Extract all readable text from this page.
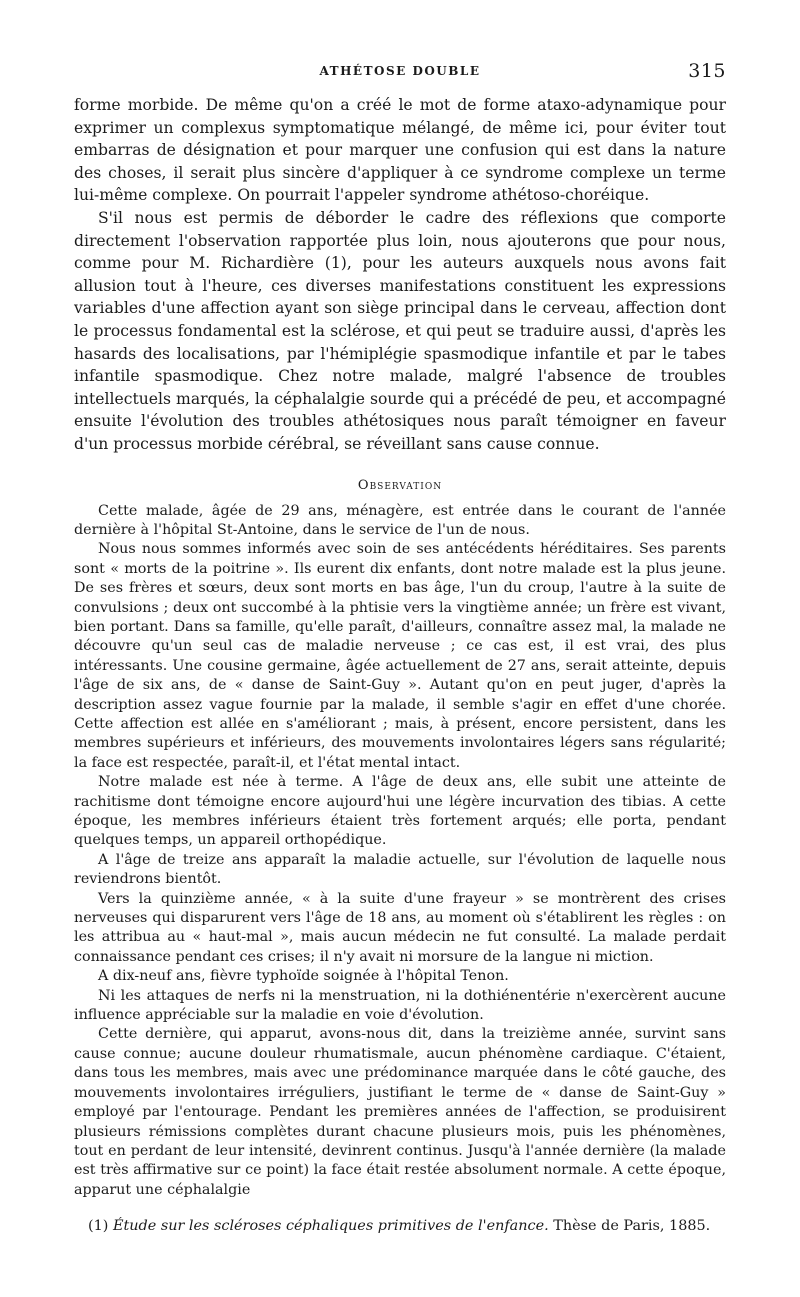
ATHÉTOSE DOUBLE	315

forme morbide. De même qu'on a créé le mot de forme ataxo-adynamique pour exprimer un complexus symptomatique mélangé, de même ici, pour éviter tout embarras de désignation et pour marquer une confusion qui est dans la nature des choses, il serait plus sincère d'appliquer à ce syndrome complexe un terme lui-même complexe. On pourrait l'appeler syndrome athétoso-choréique.

S'il nous est permis de déborder le cadre des réflexions que comporte directement l'observation rapportée plus loin, nous ajouterons que pour nous, comme pour M. Richardière (1), pour les auteurs auxquels nous avons fait allusion tout à l'heure, ces diverses manifestations constituent les expressions variables d'une affection ayant son siège principal dans le cerveau, affection dont le processus fondamental est la sclérose, et qui peut se traduire aussi, d'après les hasards des localisations, par l'hémiplégie spasmodique infantile et par le tabes infantile spasmodique. Chez notre malade, malgré l'absence de troubles intellectuels marqués, la céphalalgie sourde qui a précédé de peu, et accompagné ensuite l'évolution des troubles athétosiques nous paraît témoigner en faveur d'un processus morbide cérébral, se réveillant sans cause connue.

Observation

Cette malade, âgée de 29 ans, ménagère, est entrée dans le courant de l'année dernière à l'hôpital St-Antoine, dans le service de l'un de nous.

Nous nous sommes informés avec soin de ses antécédents héréditaires. Ses parents sont « morts de la poitrine ». Ils eurent dix enfants, dont notre malade est la plus jeune. De ses frères et sœurs, deux sont morts en bas âge, l'un du croup, l'autre à la suite de convulsions ; deux ont succombé à la phtisie vers la vingtième année; un frère est vivant, bien portant. Dans sa famille, qu'elle paraît, d'ailleurs, connaître assez mal, la malade ne découvre qu'un seul cas de maladie nerveuse ; ce cas est, il est vrai, des plus intéressants. Une cousine germaine, âgée actuellement de 27 ans, serait atteinte, depuis l'âge de six ans, de « danse de Saint-Guy ». Autant qu'on en peut juger, d'après la description assez vague fournie par la malade, il semble s'agir en effet d'une chorée. Cette affection est allée en s'améliorant ; mais, à présent, encore persistent, dans les membres supérieurs et inférieurs, des mouvements involontaires légers sans régularité; la face est respectée, paraît-il, et l'état mental intact.

Notre malade est née à terme. A l'âge de deux ans, elle subit une atteinte de rachitisme dont témoigne encore aujourd'hui une légère incurvation des tibias. A cette époque, les membres inférieurs étaient très fortement arqués; elle porta, pendant quelques temps, un appareil orthopédique.

A l'âge de treize ans apparaît la maladie actuelle, sur l'évolution de laquelle nous reviendrons bientôt.

Vers la quinzième année, « à la suite d'une frayeur » se montrèrent des crises nerveuses qui disparurent vers l'âge de 18 ans, au moment où s'établirent les règles : on les attribua au « haut-mal », mais aucun médecin ne fut consulté. La malade perdait connaissance pendant ces crises; il n'y avait ni morsure de la langue ni miction.

A dix-neuf ans, fièvre typhoïde soignée à l'hôpital Tenon.

Ni les attaques de nerfs ni la menstruation, ni la dothiénentérie n'exercèrent aucune influence appréciable sur la maladie en voie d'évolution.

Cette dernière, qui apparut, avons-nous dit, dans la treizième année, survint sans cause connue; aucune douleur rhumatismale, aucun phénomène cardiaque. C'étaient, dans tous les membres, mais avec une prédominance marquée dans le côté gauche, des mouvements involontaires irréguliers, justifiant le terme de « danse de Saint-Guy » employé par l'entourage. Pendant les premières années de l'affection, se produisirent plusieurs rémissions complètes durant chacune plusieurs mois, puis les phénomènes, tout en perdant de leur intensité, devinrent continus. Jusqu'à l'année dernière (la malade est très affirmative sur ce point) la face était restée absolument normale. A cette époque, apparut une céphalalgie

(1) Étude sur les scléroses céphaliques primitives de l'enfance. Thèse de Paris, 1885.
